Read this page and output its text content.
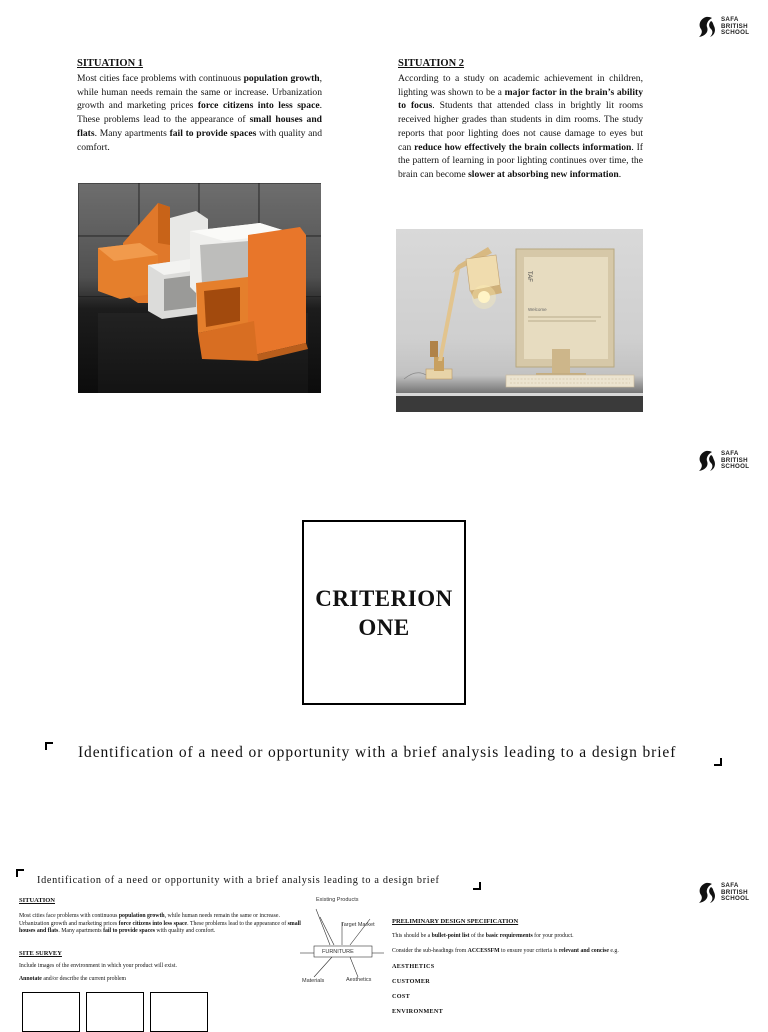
SAFA
BRITISH
SCHOOL
SITUATION 1

Most cities face problems with continuous population growth, while human needs remain the same or increase. Urbanization growth and marketing prices force citizens into less space. These problems lead to the appearance of small houses and flats. Many apartments fail to provide spaces with quality and comfort.

SITUATION 2

According to a study on academic achievement in children, lighting was shown to be a major factor in the brain’s ability to focus. Students that attended class in brightly lit rooms received higher grades than students in dim rooms. The study reports that poor lighting does not cause damage to eyes but can reduce how effectively the brain collects information. If the pattern of learning in poor lighting continues over time, the brain can become slower at absorbing new information.

TAF
Welcome
SAFA
BRITISH
SCHOOL
CRITERION
ONE
Identification of a need or opportunity with a brief analysis leading to a design brief
Identification of a need or opportunity with a brief analysis leading to a design brief	SAFA
BRITISH
SCHOOL
SITUATION
Most cities face problems with continuous population growth, while human needs remain the same or increase. Urbanization growth and marketing prices force citizens into less space. These problems lead to the appearance of small houses and flats. Many apartments fail to provide spaces with quality and comfort.
SITE SURVEY
Include images of the environment in which your product will exist.
Annotate and/or describe the current problem
Existing Products
Target Market
FURNITURE
Materials	Aesthetics
PRELIMINARY DESIGN SPECIFICATION
This should be a bullet-point list of the basic requirements for your product.
Consider the sub-headings from ACCESSFM to ensure your criteria is relevant and concise e.g.
AESTHETICS
CUSTOMER
COST
ENVIRONMENT
